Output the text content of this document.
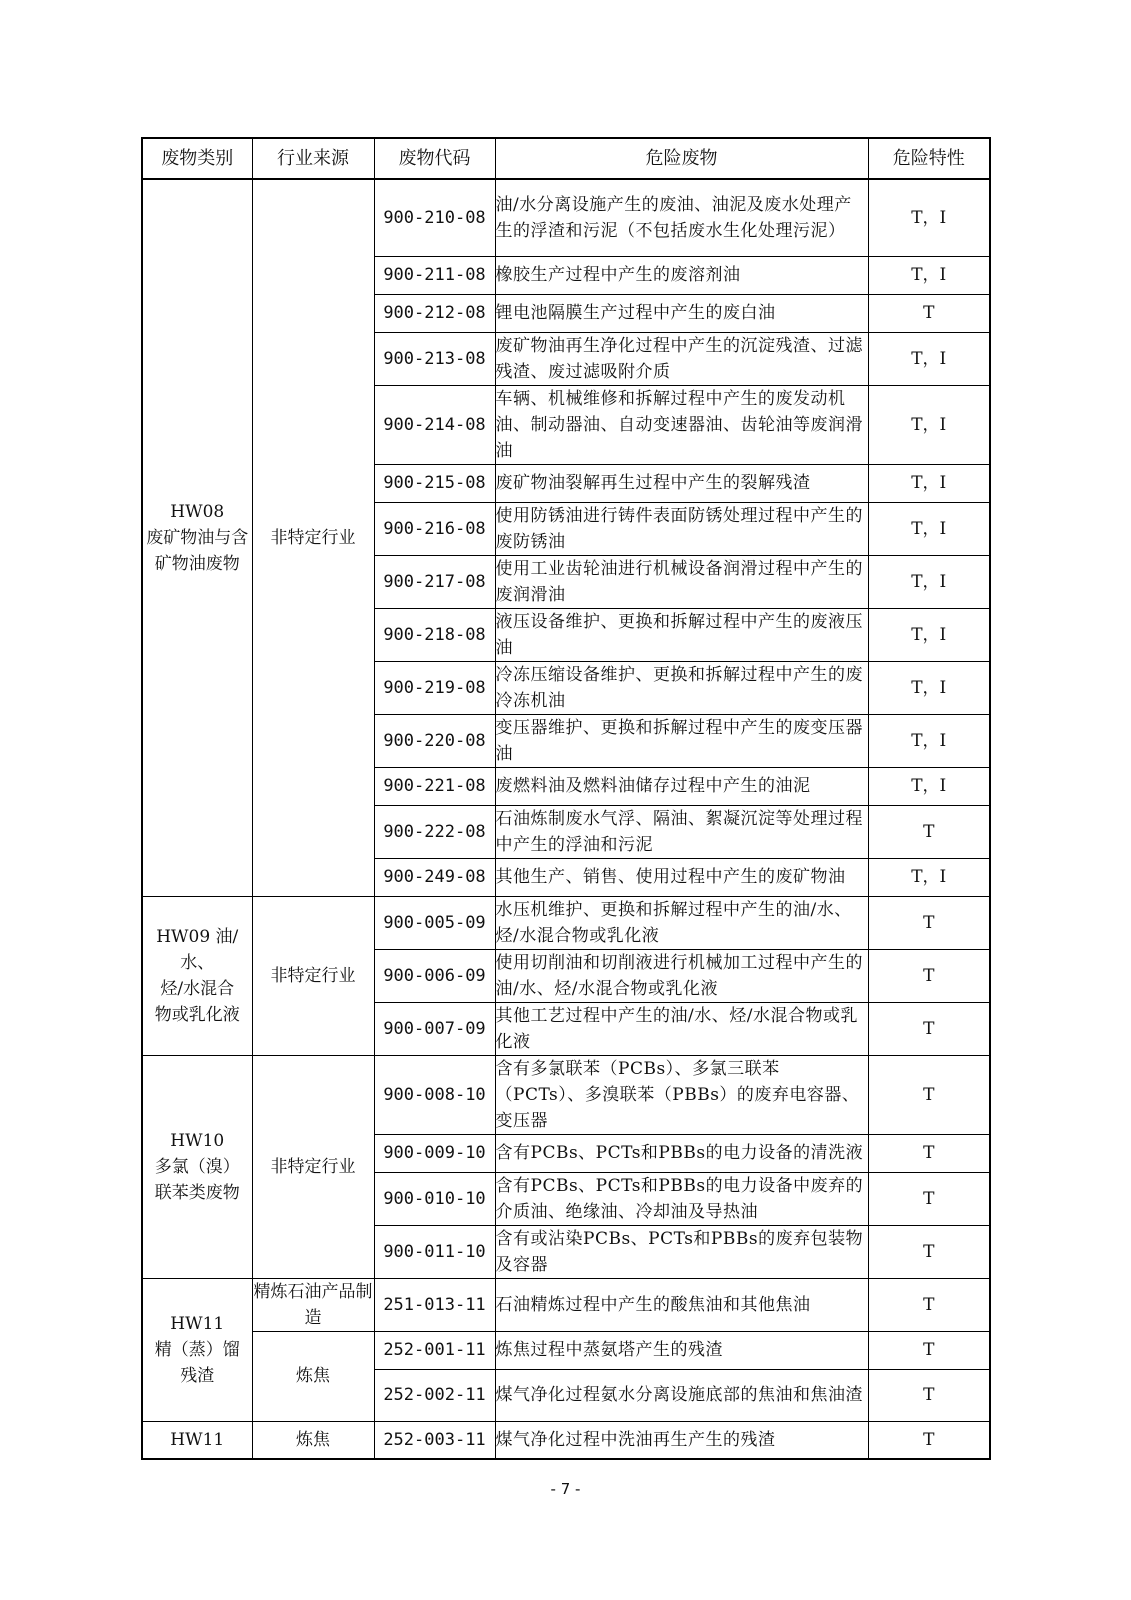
废物类别	行业来源	废物代码	危险废物	危险特性

HW08
废矿物油与含
矿物油废物	非特定行业	900-210-08	油/水分离设施产生的废油、油泥及废水处理产生的浮渣和污泥（不包括废水生化处理污泥）	T，I
		900-211-08	橡胶生产过程中产生的废溶剂油	T，I
		900-212-08	锂电池隔膜生产过程中产生的废白油	T
		900-213-08	废矿物油再生净化过程中产生的沉淀残渣、过滤残渣、废过滤吸附介质	T，I
		900-214-08	车辆、机械维修和拆解过程中产生的废发动机油、制动器油、自动变速器油、齿轮油等废润滑油	T，I
		900-215-08	废矿物油裂解再生过程中产生的裂解残渣	T，I
		900-216-08	使用防锈油进行铸件表面防锈处理过程中产生的废防锈油	T，I
		900-217-08	使用工业齿轮油进行机械设备润滑过程中产生的废润滑油	T，I
		900-218-08	液压设备维护、更换和拆解过程中产生的废液压油	T，I
		900-219-08	冷冻压缩设备维护、更换和拆解过程中产生的废冷冻机油	T，I
		900-220-08	变压器维护、更换和拆解过程中产生的废变压器油	T，I
		900-221-08	废燃料油及燃料油储存过程中产生的油泥	T，I
		900-222-08	石油炼制废水气浮、隔油、絮凝沉淀等处理过程中产生的浮油和污泥	T
		900-249-08	其他生产、销售、使用过程中产生的废矿物油	T，I

HW09 油/水、
烃/水混合
物或乳化液	非特定行业	900-005-09	水压机维护、更换和拆解过程中产生的油/水、烃/水混合物或乳化液	T
		900-006-09	使用切削油和切削液进行机械加工过程中产生的油/水、烃/水混合物或乳化液	T
		900-007-09	其他工艺过程中产生的油/水、烃/水混合物或乳化液	T

HW10
多氯（溴）
联苯类废物	非特定行业	900-008-10	含有多氯联苯（PCBs）、多氯三联苯（PCTs）、多溴联苯（PBBs）的废弃电容器、变压器	T
		900-009-10	含有PCBs、PCTs和PBBs的电力设备的清洗液	T
		900-010-10	含有PCBs、PCTs和PBBs的电力设备中废弃的介质油、绝缘油、冷却油及导热油	T
		900-011-10	含有或沾染PCBs、PCTs和PBBs的废弃包装物及容器	T

HW11
精（蒸）馏
残渣	精炼石油产品制造	251-013-11	石油精炼过程中产生的酸焦油和其他焦油	T
	炼焦	252-001-11	炼焦过程中蒸氨塔产生的残渣	T
		252-002-11	煤气净化过程氨水分离设施底部的焦油和焦油渣	T
HW11	炼焦	252-003-11	煤气净化过程中洗油再生产生的残渣	T
- 7 -
